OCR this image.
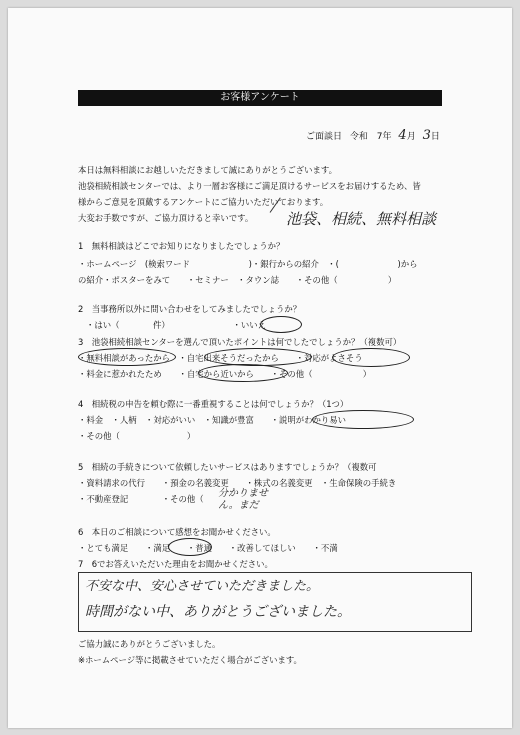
お客様アンケート
ご面談日 令和 7年 4月 3日
本日は無料相談にお越しいただきまして誠にありがとうございます。
池袋相続相談センターでは、より一層お客様にご満足頂けるサービスをお届けするため、皆
様からご意見を頂戴するアンケートにご協力いただいております。
大変お手数ですが、ご協力頂けると幸いです。 池袋、相続、無料相談
1　無料相談はどこでお知りになりましたでしょうか？
・ホームページ　(検索ワード　　　　　　　)・銀行からの紹介　・(　　　　　　　)から
の紹介・ポスターをみて　　・セミナー　・タウン誌　　・その他（　　　　　　）
2　当事務所以外に問い合わせをしてみましたでしょうか？
・はい（　　　　件）　　　　　　　　・いいえ
3　池袋相続相談センターを選んで頂いたポイントは何でしたでしょうか？（複数可）
・無料相談があったから　・自宅出来そうだったから　　・対応がよさそう
・料金に惹かれたため　　・自宅から近いから　　・その他（　　　　　　）
4　相続税の申告を頼む際に一番重視することは何でしょうか？（1つ）
・料金　・人柄　・対応がいい　・知識が豊富　　・説明がわかり易い
・その他（　　　　　　　　）
5　相続の手続きについて依頼したいサービスはありますでしょうか？（複数可
・資料請求の代行　　・預金の名義変更　　・株式の名義変更　・生命保険の手続き
・不動産登記　　　　・その他（ 分かりません。まだ
6　本日のご相談について感想をお聞かせください。
・とても満足　　・満足　　・普通　　・改善してほしい　　・不満
7　6でお答えいただいた理由をお聞かせください。
不安な中、安心させていただきました。
時間がない中、ありがとうございました。
ご協力誠にありがとうございました。
※ホームページ等に掲載させていただく場合がございます。
